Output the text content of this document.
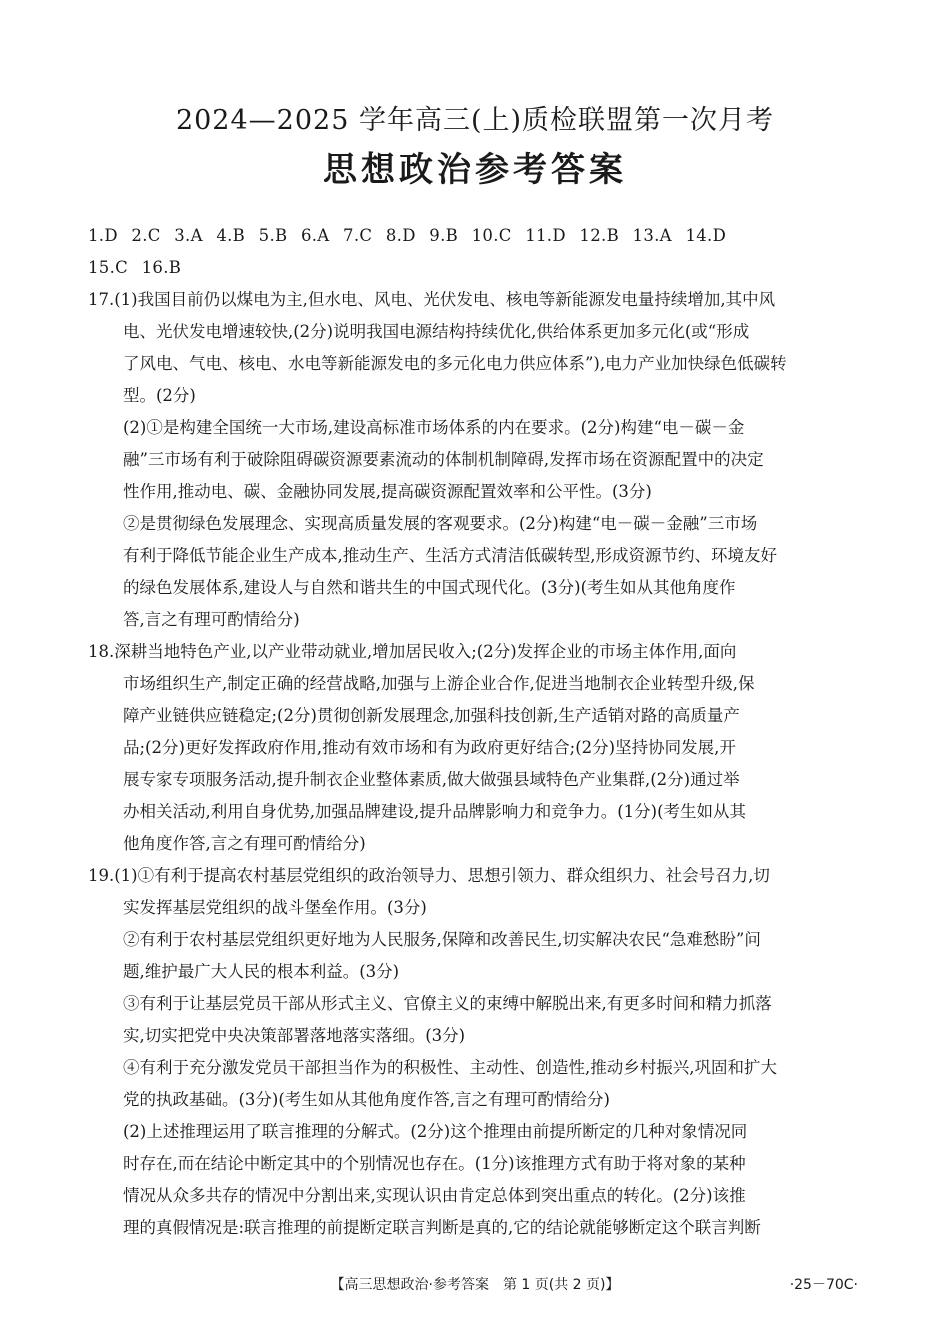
2024—2025 学年高三(上)质检联盟第一次月考
思想政治参考答案
1.D 2.C 3.A 4.B 5.B 6.A 7.C 8.D 9.B 10.C 11.D 12.B 13.A 14.D
15.C 16.B
17.(1)我国目前仍以煤电为主,但水电、风电、光伏发电、核电等新能源发电量持续增加,其中风
电、光伏发电增速较快,(2分)说明我国电源结构持续优化,供给体系更加多元化(或“形成
了风电、气电、核电、水电等新能源发电的多元化电力供应体系”),电力产业加快绿色低碳转
型。(2分)
(2)①是构建全国统一大市场,建设高标准市场体系的内在要求。(2分)构建“电－碳－金
融”三市场有利于破除阻碍碳资源要素流动的体制机制障碍,发挥市场在资源配置中的决定
性作用,推动电、碳、金融协同发展,提高碳资源配置效率和公平性。(3分)
②是贯彻绿色发展理念、实现高质量发展的客观要求。(2分)构建“电－碳－金融”三市场
有利于降低节能企业生产成本,推动生产、生活方式清洁低碳转型,形成资源节约、环境友好
的绿色发展体系,建设人与自然和谐共生的中国式现代化。(3分)(考生如从其他角度作
答,言之有理可酌情给分)
18.深耕当地特色产业,以产业带动就业,增加居民收入;(2分)发挥企业的市场主体作用,面向
市场组织生产,制定正确的经营战略,加强与上游企业合作,促进当地制衣企业转型升级,保
障产业链供应链稳定;(2分)贯彻创新发展理念,加强科技创新,生产适销对路的高质量产
品;(2分)更好发挥政府作用,推动有效市场和有为政府更好结合;(2分)坚持协同发展,开
展专家专项服务活动,提升制衣企业整体素质,做大做强县域特色产业集群,(2分)通过举
办相关活动,利用自身优势,加强品牌建设,提升品牌影响力和竞争力。(1分)(考生如从其
他角度作答,言之有理可酌情给分)
19.(1)①有利于提高农村基层党组织的政治领导力、思想引领力、群众组织力、社会号召力,切
实发挥基层党组织的战斗堡垒作用。(3分)
②有利于农村基层党组织更好地为人民服务,保障和改善民生,切实解决农民“急难愁盼”问
题,维护最广大人民的根本利益。(3分)
③有利于让基层党员干部从形式主义、官僚主义的束缚中解脱出来,有更多时间和精力抓落
实,切实把党中央决策部署落地落实落细。(3分)
④有利于充分激发党员干部担当作为的积极性、主动性、创造性,推动乡村振兴,巩固和扩大
党的执政基础。(3分)(考生如从其他角度作答,言之有理可酌情给分)
(2)上述推理运用了联言推理的分解式。(2分)这个推理由前提所断定的几种对象情况同
时存在,而在结论中断定其中的个别情况也存在。(1分)该推理方式有助于将对象的某种
情况从众多共存的情况中分割出来,实现认识由肯定总体到突出重点的转化。(2分)该推
理的真假情况是:联言推理的前提断定联言判断是真的,它的结论就能够断定这个联言判断
【高三思想政治·参考答案　第 1 页(共 2 页)】	·25－70C·
